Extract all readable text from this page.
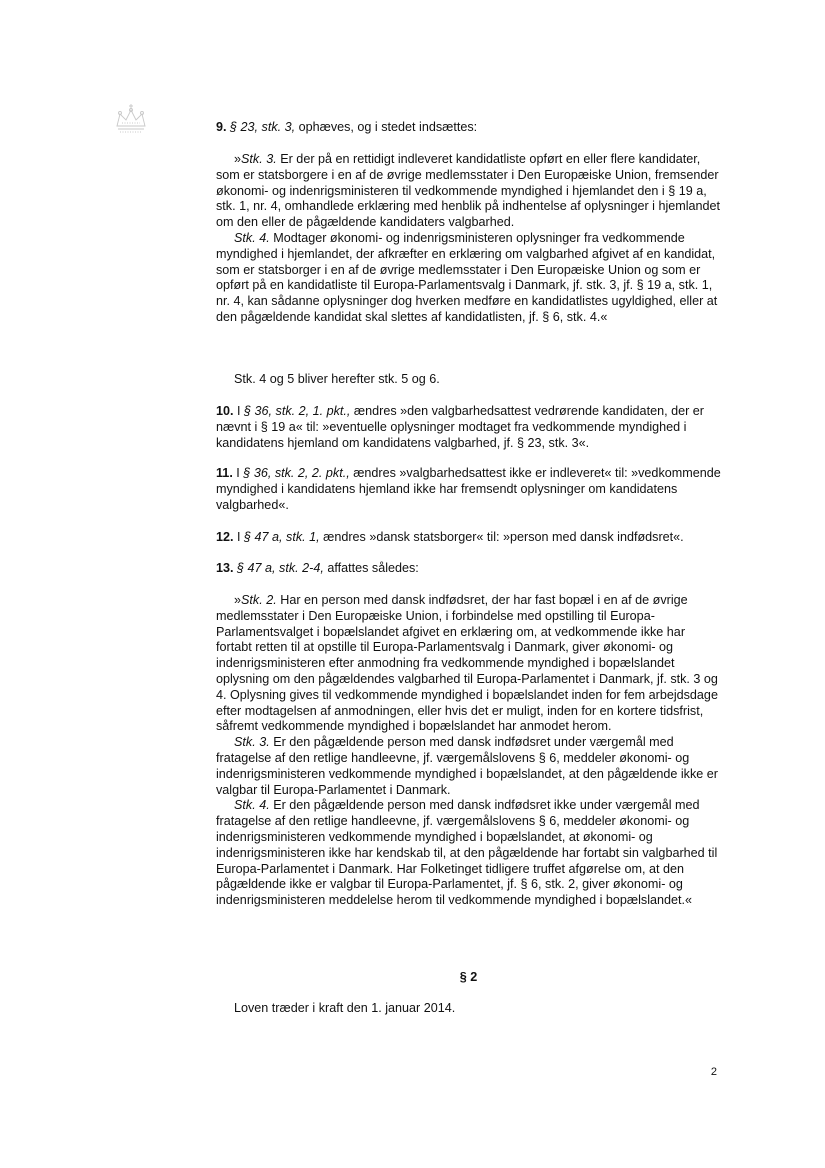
9. § 23, stk. 3, ophæves, og i stedet indsættes:

»Stk. 3. Er der på en rettidigt indleveret kandidatliste opført en eller flere kandidater, som er statsborgere i en af de øvrige medlemsstater i Den Europæiske Union, fremsender økonomi- og indenrigsministeren til vedkommende myndighed i hjemlandet den i § 19 a, stk. 1, nr. 4, omhandlede erklæring med henblik på indhentelse af oplysninger i hjemlandet om den eller de pågældende kandidaters valgbarhed.

Stk. 4. Modtager økonomi- og indenrigsministeren oplysninger fra vedkommende myndighed i hjemlandet, der afkræfter en erklæring om valgbarhed afgivet af en kandidat, som er statsborger i en af de øvrige medlemsstater i Den Europæiske Union og som er opført på en kandidatliste til Europa-Parlamentsvalg i Danmark, jf. stk. 3, jf. § 19 a, stk. 1, nr. 4, kan sådanne oplysninger dog hverken medføre en kandidatlistes ugyldighed, eller at den pågældende kandidat skal slettes af kandidatlisten, jf. § 6, stk. 4.«

Stk. 4 og 5 bliver herefter stk. 5 og 6.

10. I § 36, stk. 2, 1. pkt., ændres »den valgbarhedsattest vedrørende kandidaten, der er nævnt i § 19 a« til: »eventuelle oplysninger modtaget fra vedkommende myndighed i kandidatens hjemland om kandidatens valgbarhed, jf. § 23, stk. 3«.

11. I § 36, stk. 2, 2. pkt., ændres »valgbarhedsattest ikke er indleveret« til: »vedkommende myndighed i kandidatens hjemland ikke har fremsendt oplysninger om kandidatens valgbarhed«.

12. I § 47 a, stk. 1, ændres »dansk statsborger« til: »person med dansk indfødsret«.

13. § 47 a, stk. 2-4, affattes således:

»Stk. 2. Har en person med dansk indfødsret, der har fast bopæl i en af de øvrige medlemsstater i Den Europæiske Union, i forbindelse med opstilling til Europa-Parlamentsvalget i bopælslandet afgivet en erklæring om, at vedkommende ikke har fortabt retten til at opstille til Europa-Parlamentsvalg i Danmark, giver økonomi- og indenrigsministeren efter anmodning fra vedkommende myndighed i bopælslandet oplysning om den pågældendes valgbarhed til Europa-Parlamentet i Danmark, jf. stk. 3 og 4. Oplysning gives til vedkommende myndighed i bopælslandet inden for fem arbejdsdage efter modtagelsen af anmodningen, eller hvis det er muligt, inden for en kortere tidsfrist, såfremt vedkommende myndighed i bopælslandet har anmodet herom.

Stk. 3. Er den pågældende person med dansk indfødsret under værgemål med fratagelse af den retlige handleevne, jf. værgemålslovens § 6, meddeler økonomi- og indenrigsministeren vedkommende myndighed i bopælslandet, at den pågældende ikke er valgbar til Europa-Parlamentet i Danmark.

Stk. 4. Er den pågældende person med dansk indfødsret ikke under værgemål med fratagelse af den retlige handleevne, jf. værgemålslovens § 6, meddeler økonomi- og indenrigsministeren vedkommende myndighed i bopælslandet, at økonomi- og indenrigsministeren ikke har kendskab til, at den pågældende har fortabt sin valgbarhed til Europa-Parlamentet i Danmark. Har Folketinget tidligere truffet afgørelse om, at den pågældende ikke er valgbar til Europa-Parlamentet, jf. § 6, stk. 2, giver økonomi- og indenrigsministeren meddelelse herom til vedkommende myndighed i bopælslandet.«

§ 2

Loven træder i kraft den 1. januar 2014.

2
